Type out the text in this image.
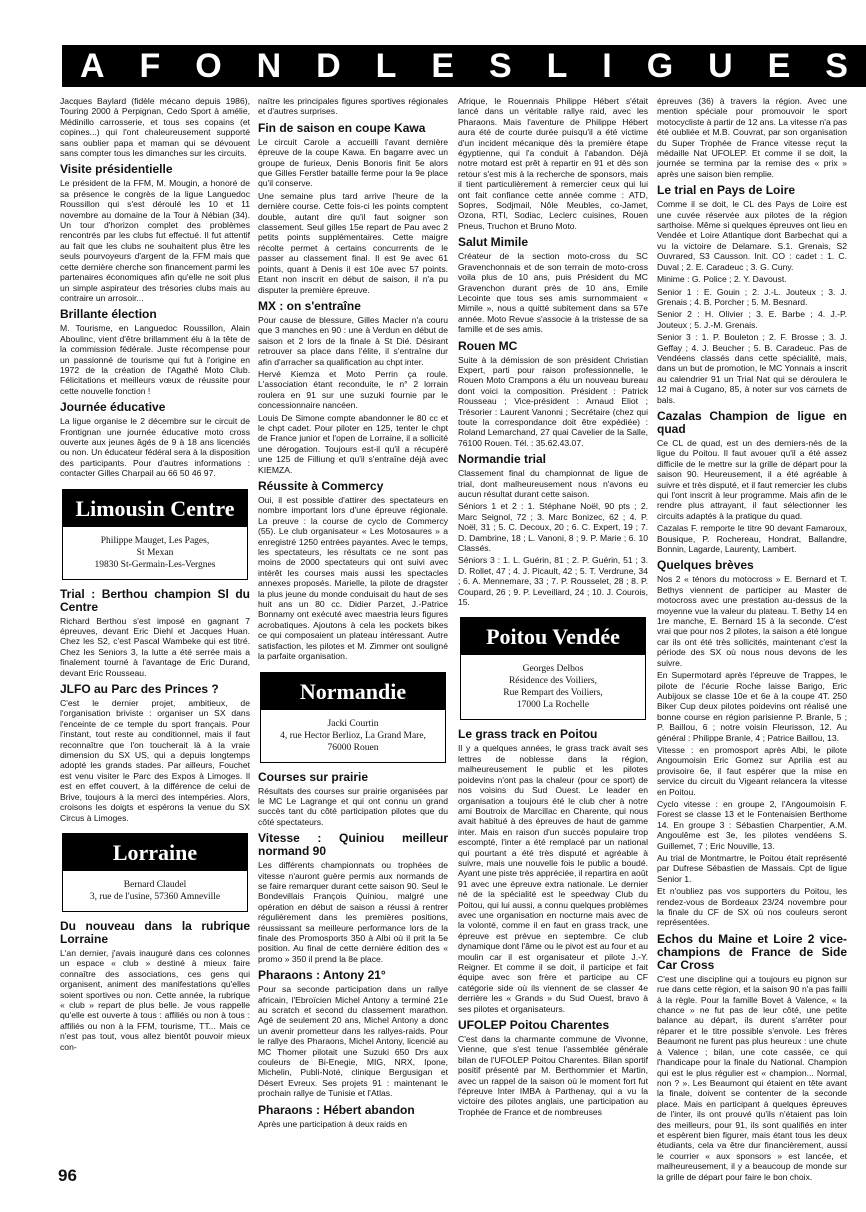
A F O N D L E S L I G U E S

Jacques Baylard (fidèle mécano depuis 1986), Touring 2000 à Perpignan, Cedo Sport à amélie, Médinillo carrosserie, et tous ses copains (et copines...) qui l'ont chaleureusement supporté sans oublier papa et maman qui se dévouent sans compter tous les dimanches sur les circuits.

Visite présidentielle

Le président de la FFM, M. Mougin, a honoré de sa présence le congrès de la ligue Languedoc Roussillon qui s'est déroulé les 10 et 11 novembre au domaine de la Tour à Nébian (34). Un tour d'horizon complet des problèmes rencontrés par les clubs fut effectué. Il fut attentif au fait que les clubs ne souhaitent plus être les seuls pourvoyeurs d'argent de la FFM mais que cette dernière cherche son financement parmi les partenaires économiques afin qu'elle ne soit plus un simple aspirateur des trésories clubs mais au contraire un arrosoir...

Brillante élection

M. Tourisme, en Languedoc Roussillon, Alain Aboulinc, vient d'être brillamment élu à la tête de la commission fédérale. Juste récompense pour un passionné de tourisme qui fut à l'origine en 1972 de la création de l'Agathé Moto Club. Félicitations et meilleurs vœux de réussite pour cette nouvelle fonction !

Journée éducative

La ligue organise le 2 décembre sur le circuit de Frontignan une journée éducative moto cross ouverte aux jeunes âgés de 9 à 18 ans licenciés ou non. Un éducateur fédéral sera à la disposition des participants. Pour d'autres informations : contacter Gilles Charpail au 66 50 46 97.

Limousin Centre
Philippe Mauget, Les Pages,
St Mexan
19830 St-Germain-Les-Vergnes
Trial : Berthou champion Sl du Centre

Richard Berthou s'est imposé en gagnant 7 épreuves, devant Eric Diehl et Jacques Huan. Chez les S2, c'est Pascal Wambeke qui est titré. Chez les Seniors 3, la lutte a été serrée mais a finalement tourné à l'avantage de Eric Durand, devant Eric Rousseau.

JLFO au Parc des Princes ?

C'est le dernier projet, ambitieux, de l'organisation briviste : organiser un SX dans l'enceinte de ce temple du sport français. Pour l'instant, tout reste au conditionnel, mais il faut reconnaître que l'on toucherait là à la vraie dimension du SX US, qui a depuis longtemps adopté les grands stades. Par ailleurs, Fouchet est venu visiter le Parc des Expos à Limoges. Il est en effet couvert, à la différence de celui de Brive, toujours à la merci des intempéries. Alors, croisons les doigts et espérons la venue du SX Circus à Limoges.

Lorraine
Bernard Claudel
3, rue de l'usine, 57360 Amneville
Du nouveau dans la rubrique Lorraine

L'an dernier, j'avais inauguré dans ces colonnes un espace « club » destiné à mieux faire connaître des associations, ces gens qui organisent, animent des manifestations qu'elles soient sportives ou non. Cette année, la rubrique « club » repart de plus belle. Je vous rappelle qu'elle est ouverte à tous : affiliés ou non à tous : affiliés ou non à la FFM, tourisme, TT... Mais ce n'est pas tout, vous allez bientôt pouvoir mieux con-

naître les principales figures sportives régionales et d'autres surprises.

Fin de saison en coupe Kawa

Le circuit Carole a accueilli l'avant dernière épreuve de la coupe Kawa. En bagarre avec un groupe de furieux, Denis Bonoris finit 5e alors que Gilles Ferstler bataille ferme pour la 9e place qu'il conserve.

Une semaine plus tard arrive l'heure de la dernière course. Cette fois-ci les points comptent double, autant dire qu'il faut soigner son classement. Seul gilles 15e repart de Pau avec 2 petits points supplémentaires. Cette maigre récolte permet à certains concurrents de le passer au classement final. Il est 9e avec 61 points, quant à Denis il est 10e avec 57 points. Etant non inscrit en début de saison, il n'a pu disputer la première épreuve.

MX : on s'entraîne

Pour cause de blessure, Gilles Macler n'a couru que 3 manches en 90 : une à Verdun en début de saison et 2 lors de la finale à St Dié. Désirant retrouver sa place dans l'élite, il s'entraîne dur afin d'arracher sa qualification au chpt inter.

Hervé Kiemza et Moto Perrin ça roule. L'association étant reconduite, le n° 2 lorrain roulera en 91 sur une suzuki fournie par le concessionnaire nancéen.

Louis De Simone compte abandonner le 80 cc et le chpt cadet. Pour piloter en 125, tenter le chpt de France junior et l'open de Lorraine, il a sollicité une dérogation. Toujours est-il qu'il a récupéré une 125 de Filliung et qu'il s'entraîne déjà avec KIEMZA.

Réussite à Commercy

Oui, il est possible d'attirer des spectateurs en nombre important lors d'une épreuve régionale. La preuve : la course de cyclo de Commercy (55). Le club organisateur « Les Motosaures » a enregistré 1250 entrées payantes. Avec le temps, les spectateurs, les résultats ce ne sont pas moins de 2000 spectateurs qui ont suivi avec intérêt les courses mais aussi les spectacles annexes proposés. Marielle, la pilote de dragster la plus jeune du monde conduisait du haut de ses huit ans un 80 cc. Didier Parzet, J.-Patrice Bonnamy ont exécuté avec maestria leurs figures acrobatiques. Ajoutons à cela les pockets bikes ce qui composaient un plateau intéressant. Autre satisfaction, les pilotes et M. Zimmer ont souligné la parfaite organisation.

Normandie
Jacki Courtin
4, rue Hector Berlioz, La Grand Mare,
76000 Rouen
Courses sur prairie

Résultats des courses sur prairie organisées par le MC Le Lagrange et qui ont connu un grand succès tant du côté participation pilotes que du côté spectateurs.

Vitesse : Quiniou meilleur normand 90

Les différents championnats ou trophées de vitesse n'auront guère permis aux normands de se faire remarquer durant cette saison 90. Seul le Bondevillais François Quiniou, malgré une opération en début de saison a réussi à rentrer régulièrement dans les premières positions, réussissant sa meilleure performance lors de la finale des Promosports 350 à Albi où il prit la 5e position. Au final de cette dernière édition des « promo » 350 il prend la 8e place.

Pharaons : Antony 21°

Pour sa seconde participation dans un rallye africain, l'Ebroïcien Michel Antony a terminé 21e au scratch et second du classement marathon. Agé de seulement 20 ans, Michel Antony a donc un avenir prometteur dans les rallyes-raids. Pour le rallye des Pharaons, Michel Antony, licencié au MC Thomer pilotait une Suzuki 650 Drs aux couleurs de Bi-Enegie, MIG, NRX, Ipone, Michelin, Publi-Noté, clinique Bergusigan et Désert Evreux. Ses projets 91 : maintenant le prochain rallye de Tunisie et l'Atlas.

Pharaons : Hébert abandon

Après une participation à deux raids en

Afrique, le Rouennais Philippe Hébert s'était lancé dans un véritable rallye raid, avec les Pharaons. Mais l'aventure de Philippe Hébert aura été de courte durée puisqu'il a été victime d'un incident mécanique dès la première étape égyptienne, qui l'a conduit à l'abandon. Déjà notre motard est prêt à repartir en 91 et dès son retour s'est mis à la recherche de sponsors, mais il tient particulièrement à remercier ceux qui lui ont fait confiance cette année comme : ATD, Sopres, Sodjmail, Nôle Meubles, co-Jamet, Ozona, RTI, Sodiac, Leclerc cuisines, Rouen Pneus, Truchon et Bruno Moto.

Salut Mimile

Créateur de la section moto-cross du SC Gravenchonnais et de son terrain de moto-cross voila plus de 10 ans, puis Président du MC Gravenchon durant près de 10 ans, Emile Lecointe que tous ses amis surnommaient « Mimile », nous a quitté subitement dans sa 57e année. Moto Revue s'associe à la tristesse de sa famille et de ses amis.

Rouen MC

Suite à la démission de son président Christian Expert, parti pour raison professionnelle, le Rouen Moto Crampons a élu un nouveau bureau dont voici la composition. Président : Patrick Rousseau ; Vice-président : Arnaud Eliot ; Trésorier : Laurent Vanonni ; Secrétaire (chez qui toute la correspondance doit être expédiée) : Roland Lemarchand, 27 quai Cavelier de la Salle, 76100 Rouen. Tél. : 35.62.43.07.

Normandie trial

Classement final du championnat de ligue de trial, dont malheureusement nous n'avons eu aucun résultat durant cette saison.

Séniors 1 et 2 : 1. Stéphane Noël, 90 pts ; 2. Marc Seignol, 72 ; 3. Marc Bonizec, 62 ; 4. P. Noël, 31 ; 5. C. Decoux, 20 ; 6. C. Expert, 19 ; 7. D. Dambrine, 18 ; L. Vanoni, 8 ; 9. P. Marie ; 6. 10 Classés.

Séniors 3 : 1. L. Guérin, 81 ; 2. P. Guérin, 51 ; 3. D. Rollet, 47 ; 4. J. Picault, 42 ; 5. T. Verdrune, 34 ; 6. A. Mennemare, 33 ; 7. P. Rousselet, 28 ; 8. P. Coupard, 26 ; 9. P. Leveillard, 24 ; 10. J. Courois, 15.

Poitou Vendée
Georges Delbos
Résidence des Voiliers,
Rue Rempart des Voiliers,
17000 La Rochelle
Le grass track en Poitou

Il y a quelques années, le grass track avait ses lettres de noblesse dans la région, malheureusement le public et les pilotes poidevins n'ont pas la chaleur (pour ce sport) de nos voisins du Sud Ouest. Le leader en organisation a toujours été le club cher à notre ami Boutroix de Marcillac en Charente, qui nous avait habitué à des épreuves de haut de gamme inter. Mais en raison d'un succès populaire trop escompté, l'inter a été remplacé par un national qui pourtant a été très disputé et agréable à suivre, mais une nouvelle fois le public a boudé. Ayant une piste très appréciée, il repartira en août 91 avec une épreuve extra nationale. Le dernier né de la spécialité est le speedway Club du Poitou, qui lui aussi, a connu quelques problèmes avec une organisation en nocturne mais avec de la volonté, comme il en faut en grass track, une épreuve est prévue en septembre. Ce club dynamique dont l'âme ou le pivot est au four et au moulin car il est organisateur et pilote J.-Y. Reigner. Et comme il se doit, il participe et fait équipe avec son frère et participe au CF catégorie side où ils viennent de se classer 4e derrière les « Grands » du Sud Ouest, bravo à ses pilotes et organisateurs.

UFOLEP Poitou Charentes

C'est dans la charmante commune de Vivonne, Vienne, que s'est tenue l'assemblée générale bilan de l'UFOLEP Poitou Charentes. Bilan sportif positif présenté par M. Berthommier et Martin, avec un rappel de la saison où le moment fort fut l'épreuve Inter IMBA à Parthenay, qui a vu la victoire des pilotes anglais, une participation au Trophée de France et de nombreuses

épreuves (36) à travers la région. Avec une mention spéciale pour promouvoir le sport motocycliste à partir de 12 ans. La vitesse n'a pas été oubliée et M.B. Couvrat, par son organisation du Super Trophée de France vitesse reçut la médaille Nat UFOLEP. Et comme il se doit, la journée se termina par la remise des « prix » après une saison bien remplie.

Le trial en Pays de Loire

Comme il se doit, le CL des Pays de Loire est une cuvée réservée aux pilotes de la région sarthoise. Même si quelques épreuves ont lieu en Vendée et Loire Atlantique dont Barbechat qui a vu la victoire de Delamare. S.1. Grenais, S2 Ouvrared, S3 Causson. Init. CO : cadet : 1. C. Duval ; 2. E. Caradeuc ; 3. G. Cuny.

Minime : G. Police ; 2. Y. Davoust.

Senior 1 : E. Gouin ; 2. J.-L. Jouteux ; 3. J. Grenais ; 4. B. Porcher ; 5. M. Besnard.

Senior 2 : H. Olivier ; 3. E. Barbe ; 4. J.-P. Jouteux ; 5. J.-M. Grenais.

Senior 3 : 1. P. Bouleton ; 2. F. Brosse ; 3. J. Geffay ; 4. J. Beucher ; 5. B. Caradeuc. Pas de Vendéens classés dans cette spécialité, mais, dans un but de promotion, le MC Yonnais a inscrit au calendrier 91 un Trial Nat qui se déroulera le 12 mai à Cugano, 85, à noter sur vos carnets de bals.

Cazalas Champion de ligue en quad

Ce CL de quad, est un des derniers-nés de la ligue du Poitou. Il faut avouer qu'il a été assez difficile de le mettre sur la grille de départ pour la saison 90. Heureusement, il a été agréable à suivre et très disputé, et il faut remercier les clubs qui l'ont inscrit à leur programme. Mais afin de le rendre plus attrayant, il faut sélectionner les circuits adaptés à la pratique du quad.

Cazalas F. remporte le titre 90 devant Famaroux, Bousique, P. Rochereau, Hondrat, Ballandre, Bonnin, Lagarde, Laurenty, Lambert.

Quelques brèves

Nos 2 « ténors du motocross » E. Bernard et T. Bethys viennent de participer au Master de motocross avec une prestation au-dessus de la moyenne vue la valeur du plateau. T. Bethy 14 en 1re manche, E. Bernard 15 à la seconde. C'est vrai que pour nos 2 pilotes, la saison a été longue car ils ont été très sollicités, maintenant c'est la période des SX où nous nous devons de les suivre.

En Supermotard après l'épreuve de Trappes, le pilote de l'écurie Roche laisse Barigo, Eric Aubijoux se classe 10e et 6e à la coupe 4T. 250 Biker Cup deux pilotes poidevins ont réalisé une bonne course en région parisienne P. Branle, 5 ; P. Baillou, 6 ; notre voisin Fleurisson, 12. Au général : Philippe Branle, 4 ; Patrice Baillou, 13.

Vitesse : en promosport après Albi, le pilote Angoumoisin Eric Gomez sur Aprilia est au provisoire 6e, il faut espérer que la mise en service du circuit du Vigeant relancera la vitesse en Poitou.

Cyclo vitesse : en groupe 2, l'Angoumoisin F. Forest se classe 13 et le Fontenaisien Berthome 14. En groupe 3 : Sébastien Charpentier, A.M. Angoulême est 3e, les pilotes vendéens S. Guillemet, 7 ; Eric Nouville, 13.

Au trial de Montmartre, le Poitou était représenté par Dufrese Sébastien de Massais. Cpt de ligue Senior 1.

Et n'oubliez pas vos supporters du Poitou, les rendez-vous de Bordeaux 23/24 novembre pour la finale du CF de SX où nos couleurs seront représentées.

Echos du Maine et Loire 2 vice-champions de France de Side Car Cross

C'est une discipline qui a toujours eu pignon sur rue dans cette région, et la saison 90 n'a pas failli à la règle. Pour la famille Bovet à Valence, « la chance » ne fut pas de leur côté, une petite balance au départ, ils durent s'arrêter pour réparer et le titre possible s'envole. Les frères Beaumont ne furent pas plus heureux : une chute à Valence ; bilan, une cote cassée, ce qui l'handicape pour la finale du National. Champion qui est le plus régulier est « champion... Normal, non ? ». Les Beaumont qui étaient en tête avant la finale, doivent se contenter de la seconde place. Mais en participant à quelques épreuves de l'inter, ils ont prouvé qu'ils n'étaient pas loin des meilleurs, pour 91, ils sont qualifiés en inter et espèrent bien figurer, mais étant tous les deux étudiants, cela va être dur financièrement, aussi le courrier « aux sponsors » est lancée, et malheureusement, il y a beaucoup de monde sur la grille de départ pour faire le bon choix.

96
